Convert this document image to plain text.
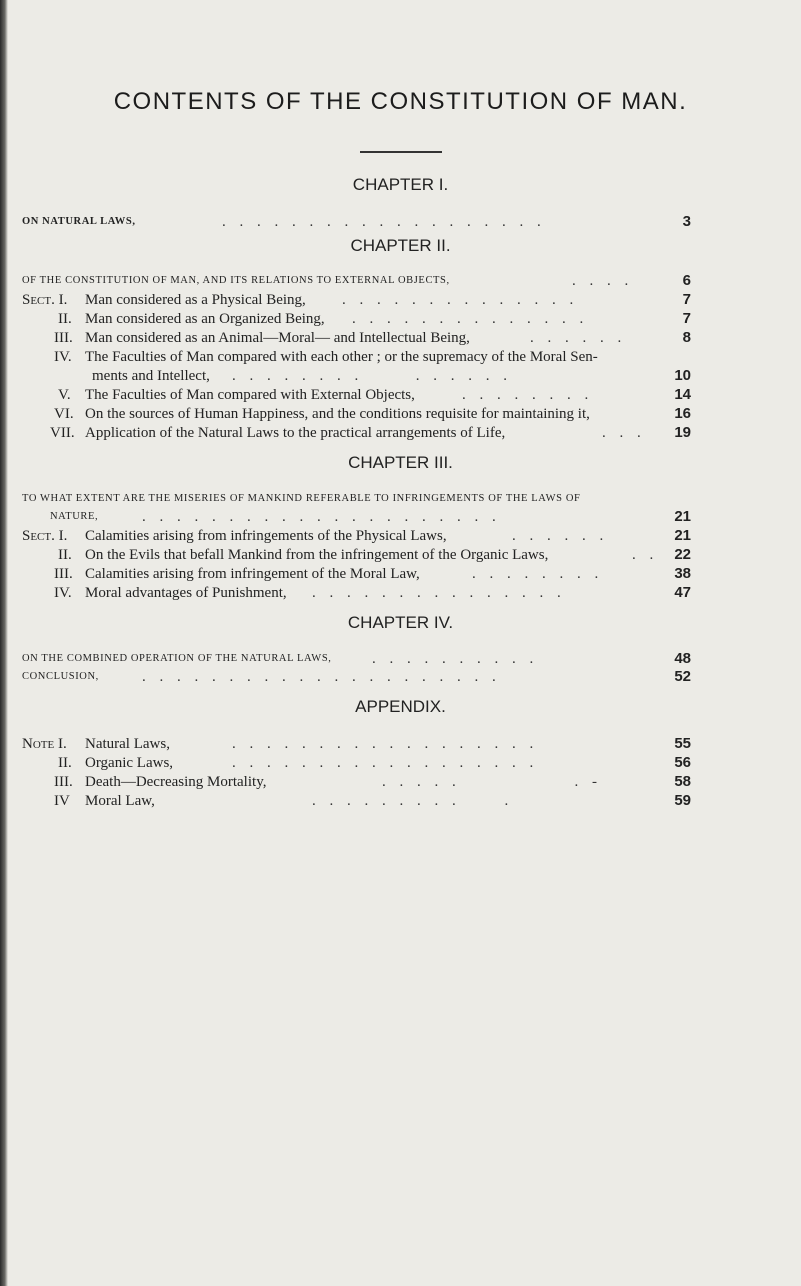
CONTENTS OF THE CONSTITUTION OF MAN.
CHAPTER I.
ON NATURAL LAWS,	. . . . . . . . . . . . . . . . . . .	3
CHAPTER II.
OF THE CONSTITUTION OF MAN, AND ITS RELATIONS TO EXTERNAL OBJECTS,	. . . .	6
Sect. I. Man considered as a Physical Being, . . . . . . . . . . . . . .	7
II. Man considered as an Organized Being, . . . . . . . . . . . . . .	7
III. Man considered as an Animal—Moral— and Intellectual Being,	. . . . . .	8
IV. The Faculties of Man compared with each other ; or the supremacy of the Moral Sen-
ments and Intellect, . . . . . . . .      . . . . . .	10
V. The Faculties of Man compared with External Objects,	. . . . . . . .	14
VI. On the sources of Human Happiness, and the conditions requisite for maintaining it,	16
VII. Application of the Natural Laws to the practical arrangements of Life,	. . .	19
CHAPTER III.
TO WHAT EXTENT ARE THE MISERIES OF MANKIND REFERABLE TO INFRINGEMENTS OF THE LAWS OF
NATURE,	. . . . . . . . . . . . . . . . . . . . .	21
Sect. I. Calamities arising from infringements of the Physical Laws,	. . . . . .	21
II. On the Evils that befall Mankind from the infringement of the Organic Laws,	. .	22
III. Calamities arising from infringement of the Moral Law,	. . . . . . . .	38
IV. Moral advantages of Punishment, . . . . . . . . . . . . . . .	47
CHAPTER IV.
ON THE COMBINED OPERATION OF THE NATURAL LAWS,	. . . . . . . . . .	48
CONCLUSION,	. . . . . . . . . . . . . . . . . . . . .	52
APPENDIX.
Note I. Natural Laws,	. . . . . . . . . . . . . . . . . .	55
II. Organic Laws,	. . . . . . . . . . . . . . . . . .	56
III. Death—Decreasing Mortality,	. . . . .             . -	58
IV Moral Law,	. . . . . . . . .     .	59
